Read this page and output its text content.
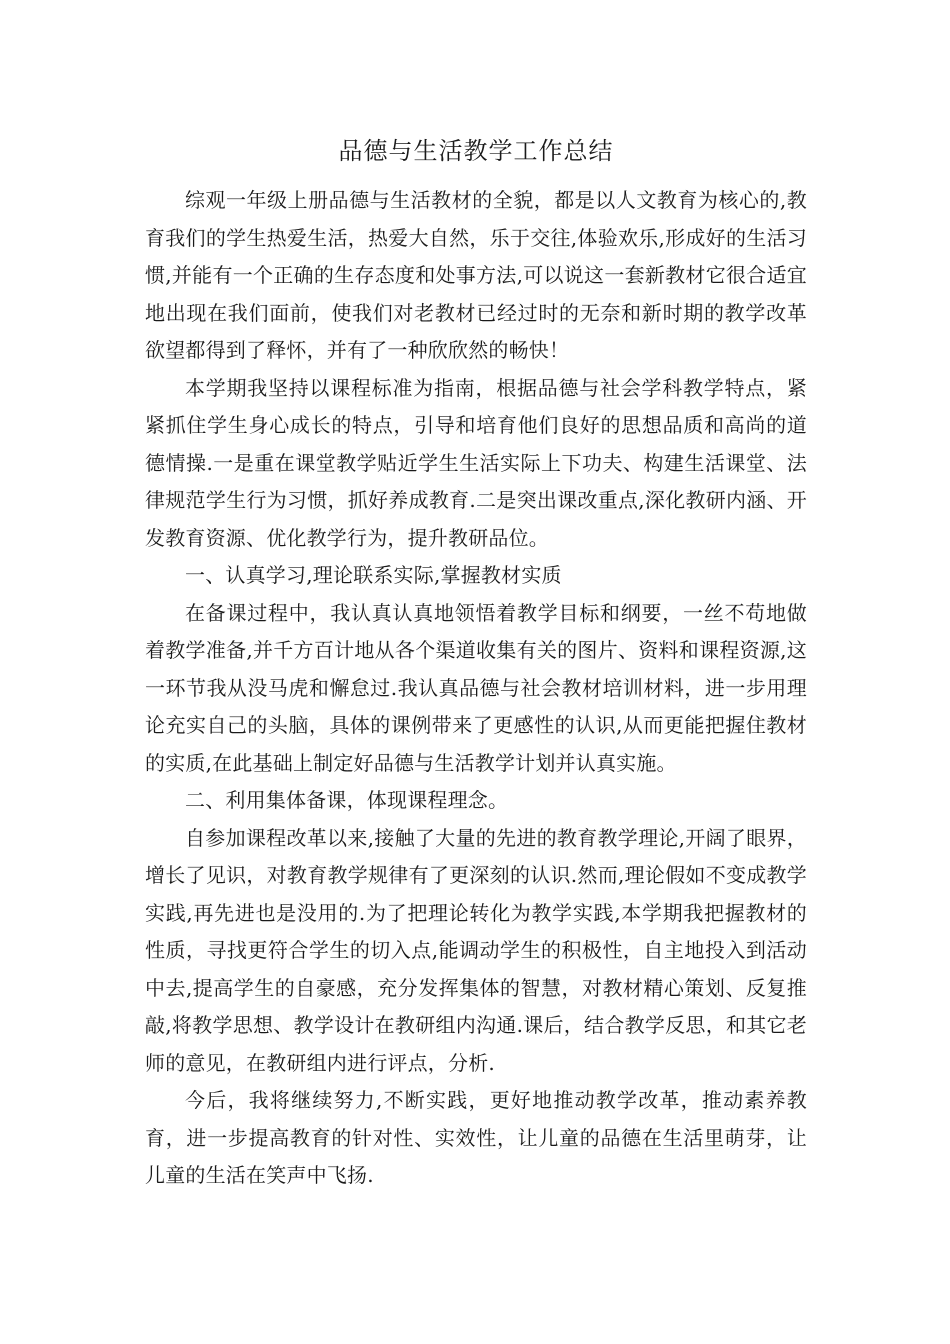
品德与生活教学工作总结

综观一年级上册品德与生活教材的全貌，都是以人文教育为核心的,教育我们的学生热爱生活，热爱大自然，乐于交往,体验欢乐,形成好的生活习惯,并能有一个正确的生存态度和处事方法,可以说这一套新教材它很合适宜地出现在我们面前，使我们对老教材已经过时的无奈和新时期的教学改革欲望都得到了释怀，并有了一种欣欣然的畅快！

本学期我坚持以课程标准为指南，根据品德与社会学科教学特点，紧紧抓住学生身心成长的特点，引导和培育他们良好的思想品质和高尚的道德情操.一是重在课堂教学贴近学生生活实际上下功夫、构建生活课堂、法律规范学生行为习惯，抓好养成教育.二是突出课改重点,深化教研内涵、开发教育资源、优化教学行为，提升教研品位。

一、认真学习,理论联系实际,掌握教材实质

在备课过程中，我认真认真地领悟着教学目标和纲要，一丝不苟地做着教学准备,并千方百计地从各个渠道收集有关的图片、资料和课程资源,这一环节我从没马虎和懈怠过.我认真品德与社会教材培训材料，进一步用理论充实自己的头脑，具体的课例带来了更感性的认识,从而更能把握住教材的实质,在此基础上制定好品德与生活教学计划并认真实施。

二、利用集体备课，体现课程理念。

自参加课程改革以来,接触了大量的先进的教育教学理论,开阔了眼界，增长了见识，对教育教学规律有了更深刻的认识.然而,理论假如不变成教学实践,再先进也是没用的.为了把理论转化为教学实践,本学期我把握教材的性质，寻找更符合学生的切入点,能调动学生的积极性，自主地投入到活动中去,提高学生的自豪感，充分发挥集体的智慧，对教材精心策划、反复推敲,将教学思想、教学设计在教研组内沟通.课后，结合教学反思，和其它老师的意见，在教研组内进行评点，分析.

今后，我将继续努力,不断实践，更好地推动教学改革，推动素养教育，进一步提高教育的针对性、实效性，让儿童的品德在生活里萌芽，让儿童的生活在笑声中飞扬.
